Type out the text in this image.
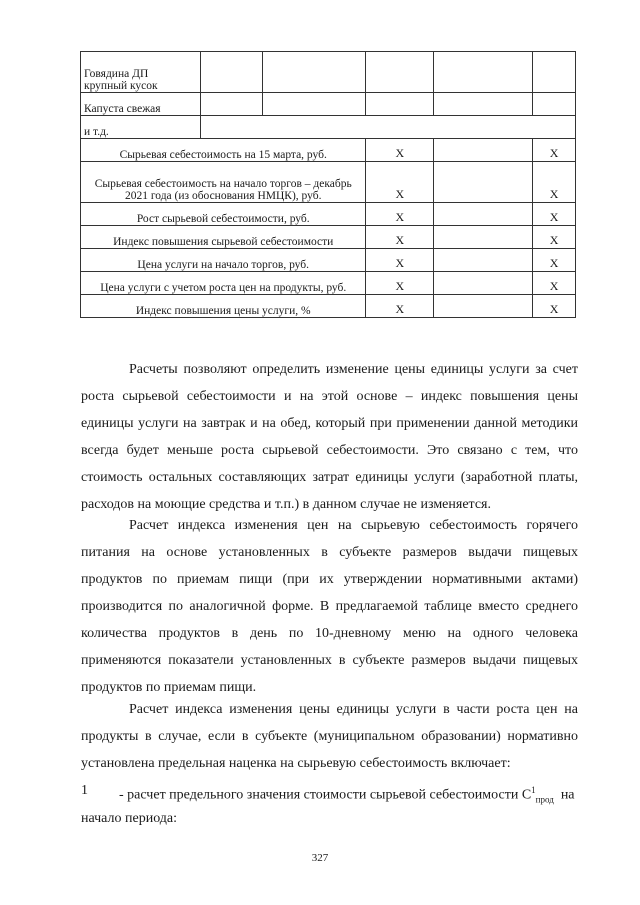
Говядина ДП
крупный кусок					
Капуста свежая					
и т.д.					
Сырьевая себестоимость на 15 марта, руб.			X		X
Сырьевая себестоимость на начало торгов – декабрь 2021 года (из обоснования НМЦК), руб.			X		X
Рост сырьевой себестоимости, руб.			X		X
Индекс повышения сырьевой себестоимости			X		X
Цена услуги на начало торгов, руб.			X		X
Цена услуги с учетом роста цен на продукты, руб.			X		X
Индекс повышения цены услуги, %			X		X

Расчеты позволяют определить изменение цены единицы услуги за счет роста сырьевой себестоимости и на этой основе – индекс повышения цены единицы услуги на завтрак и на обед, который при применении данной методики всегда будет меньше роста сырьевой себестоимости. Это связано с тем, что стоимость остальных составляющих затрат единицы услуги (заработной платы, расходов на моющие средства и т.п.) в данном случае не изменяется.

Расчет индекса изменения цен на сырьевую себестоимость горячего питания на основе установленных в субъекте размеров выдачи пищевых продуктов по приемам пищи (при их утверждении нормативными актами) производится по аналогичной форме. В предлагаемой таблице вместо среднего количества продуктов в день по 10-дневному меню на одного человека применяются показатели установленных в субъекте размеров выдачи пищевых продуктов по приемам пищи.

Расчет индекса изменения цены единицы услуги в части роста цен на продукты в случае, если в субъекте (муниципальном образовании) нормативно установлена предельная наценка на сырьевую себестоимость включает:

1 - расчет предельного значения стоимости сырьевой себестоимости $С^1_{прод}$ на
начало периода:
327
